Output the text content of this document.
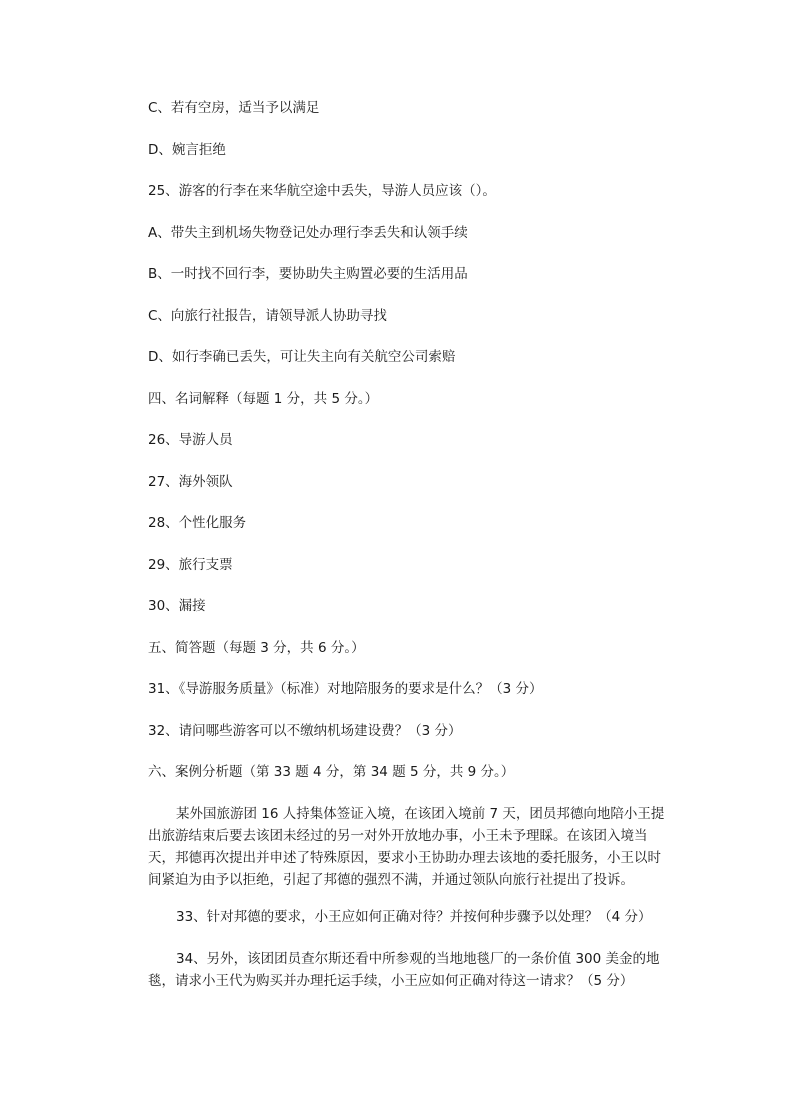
C、若有空房，适当予以满足

D、婉言拒绝

25、游客的行李在来华航空途中丢失，导游人员应该（）。

A、带失主到机场失物登记处办理行李丢失和认领手续

B、一时找不回行李，要协助失主购置必要的生活用品

C、向旅行社报告，请领导派人协助寻找

D、如行李确已丢失，可让失主向有关航空公司索赔

四、名词解释（每题 1 分，共 5 分。）

26、导游人员

27、海外领队

28、个性化服务

29、旅行支票

30、漏接

五、简答题（每题 3 分，共 6 分。）

31、《导游服务质量》（标准）对地陪服务的要求是什么？（3 分）

32、请问哪些游客可以不缴纳机场建设费？（3 分）

六、案例分析题（第 33 题 4 分，第 34 题 5 分，共 9 分。）

某外国旅游团 16 人持集体签证入境，在该团入境前 7 天，团员邦德向地陪小王提出旅游结束后要去该团未经过的另一对外开放地办事，小王未予理睬。在该团入境当天，邦德再次提出并申述了特殊原因，要求小王协助办理去该地的委托服务，小王以时间紧迫为由予以拒绝，引起了邦德的强烈不满，并通过领队向旅行社提出了投诉。
33、针对邦德的要求，小王应如何正确对待？并按何种步骤予以处理？（4 分）
34、另外，该团团员查尔斯还看中所参观的当地地毯厂的一条价值 300 美金的地毯，请求小王代为购买并办理托运手续，小王应如何正确对待这一请求？（5 分）
